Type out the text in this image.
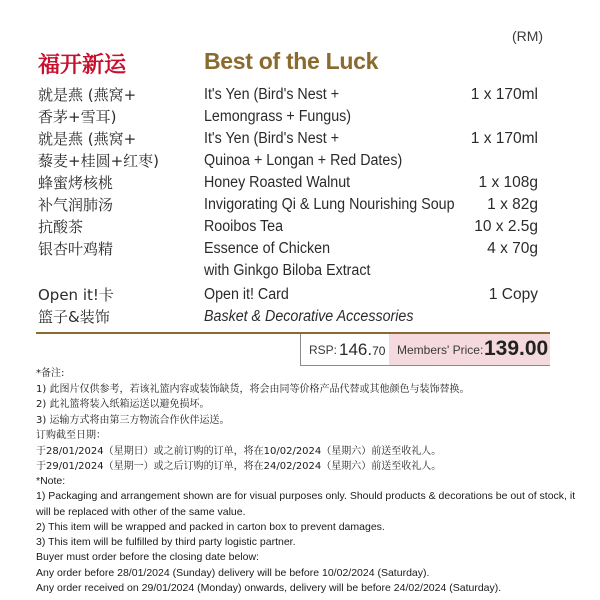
(RM)
福开新运	Best of the Luck
就是燕 (燕窝+	It's Yen (Bird's Nest +	1 x 170ml
香茅+雪耳)	Lemongrass + Fungus)
就是燕 (燕窝+	It's Yen (Bird's Nest +	1 x 170ml
藜麦+桂圆+红枣)	Quinoa + Longan + Red Dates)
蜂蜜烤核桃	Honey Roasted Walnut	1 x 108g
补气润肺汤	Invigorating Qi & Lung Nourishing Soup 1 x 82g
抗酸茶	Rooibos Tea	10 x 2.5g
银杏叶鸡精	Essence of Chicken	4 x 70g
with Ginkgo Biloba Extract
Open it!卡	Open it! Card	1 Copy
篮子&装饰	Basket & Decorative Accessories
RSP: 146.70 Members' Price: 139.00
*备注:
1) 此图片仅供参考，若该礼篮内容或装饰缺货，将会由同等价格产品代替或其他颜色与装饰替换。
2) 此礼篮将装入纸箱运送以避免损坏。
3) 运输方式将由第三方物流合作伙伴运送。
订购截至日期：
于28/01/2024（星期日）或之前订购的订单，将在10/02/2024（星期六）前送至收礼人。
于29/01/2024（星期一）或之后订购的订单，将在24/02/2024（星期六）前送至收礼人。
*Note:
1) Packaging and arrangement shown are for visual purposes only. Should products & decorations be out of stock, it will be replaced with other of the same value.
2) This item will be wrapped and packed in carton box to prevent damages.
3) This item will be fulfilled by third party logistic partner.
Buyer must order before the closing date below:
Any order before 28/01/2024 (Sunday) delivery will be before 10/02/2024 (Saturday).
Any order received on 29/01/2024 (Monday) onwards, delivery will be before 24/02/2024 (Saturday).
